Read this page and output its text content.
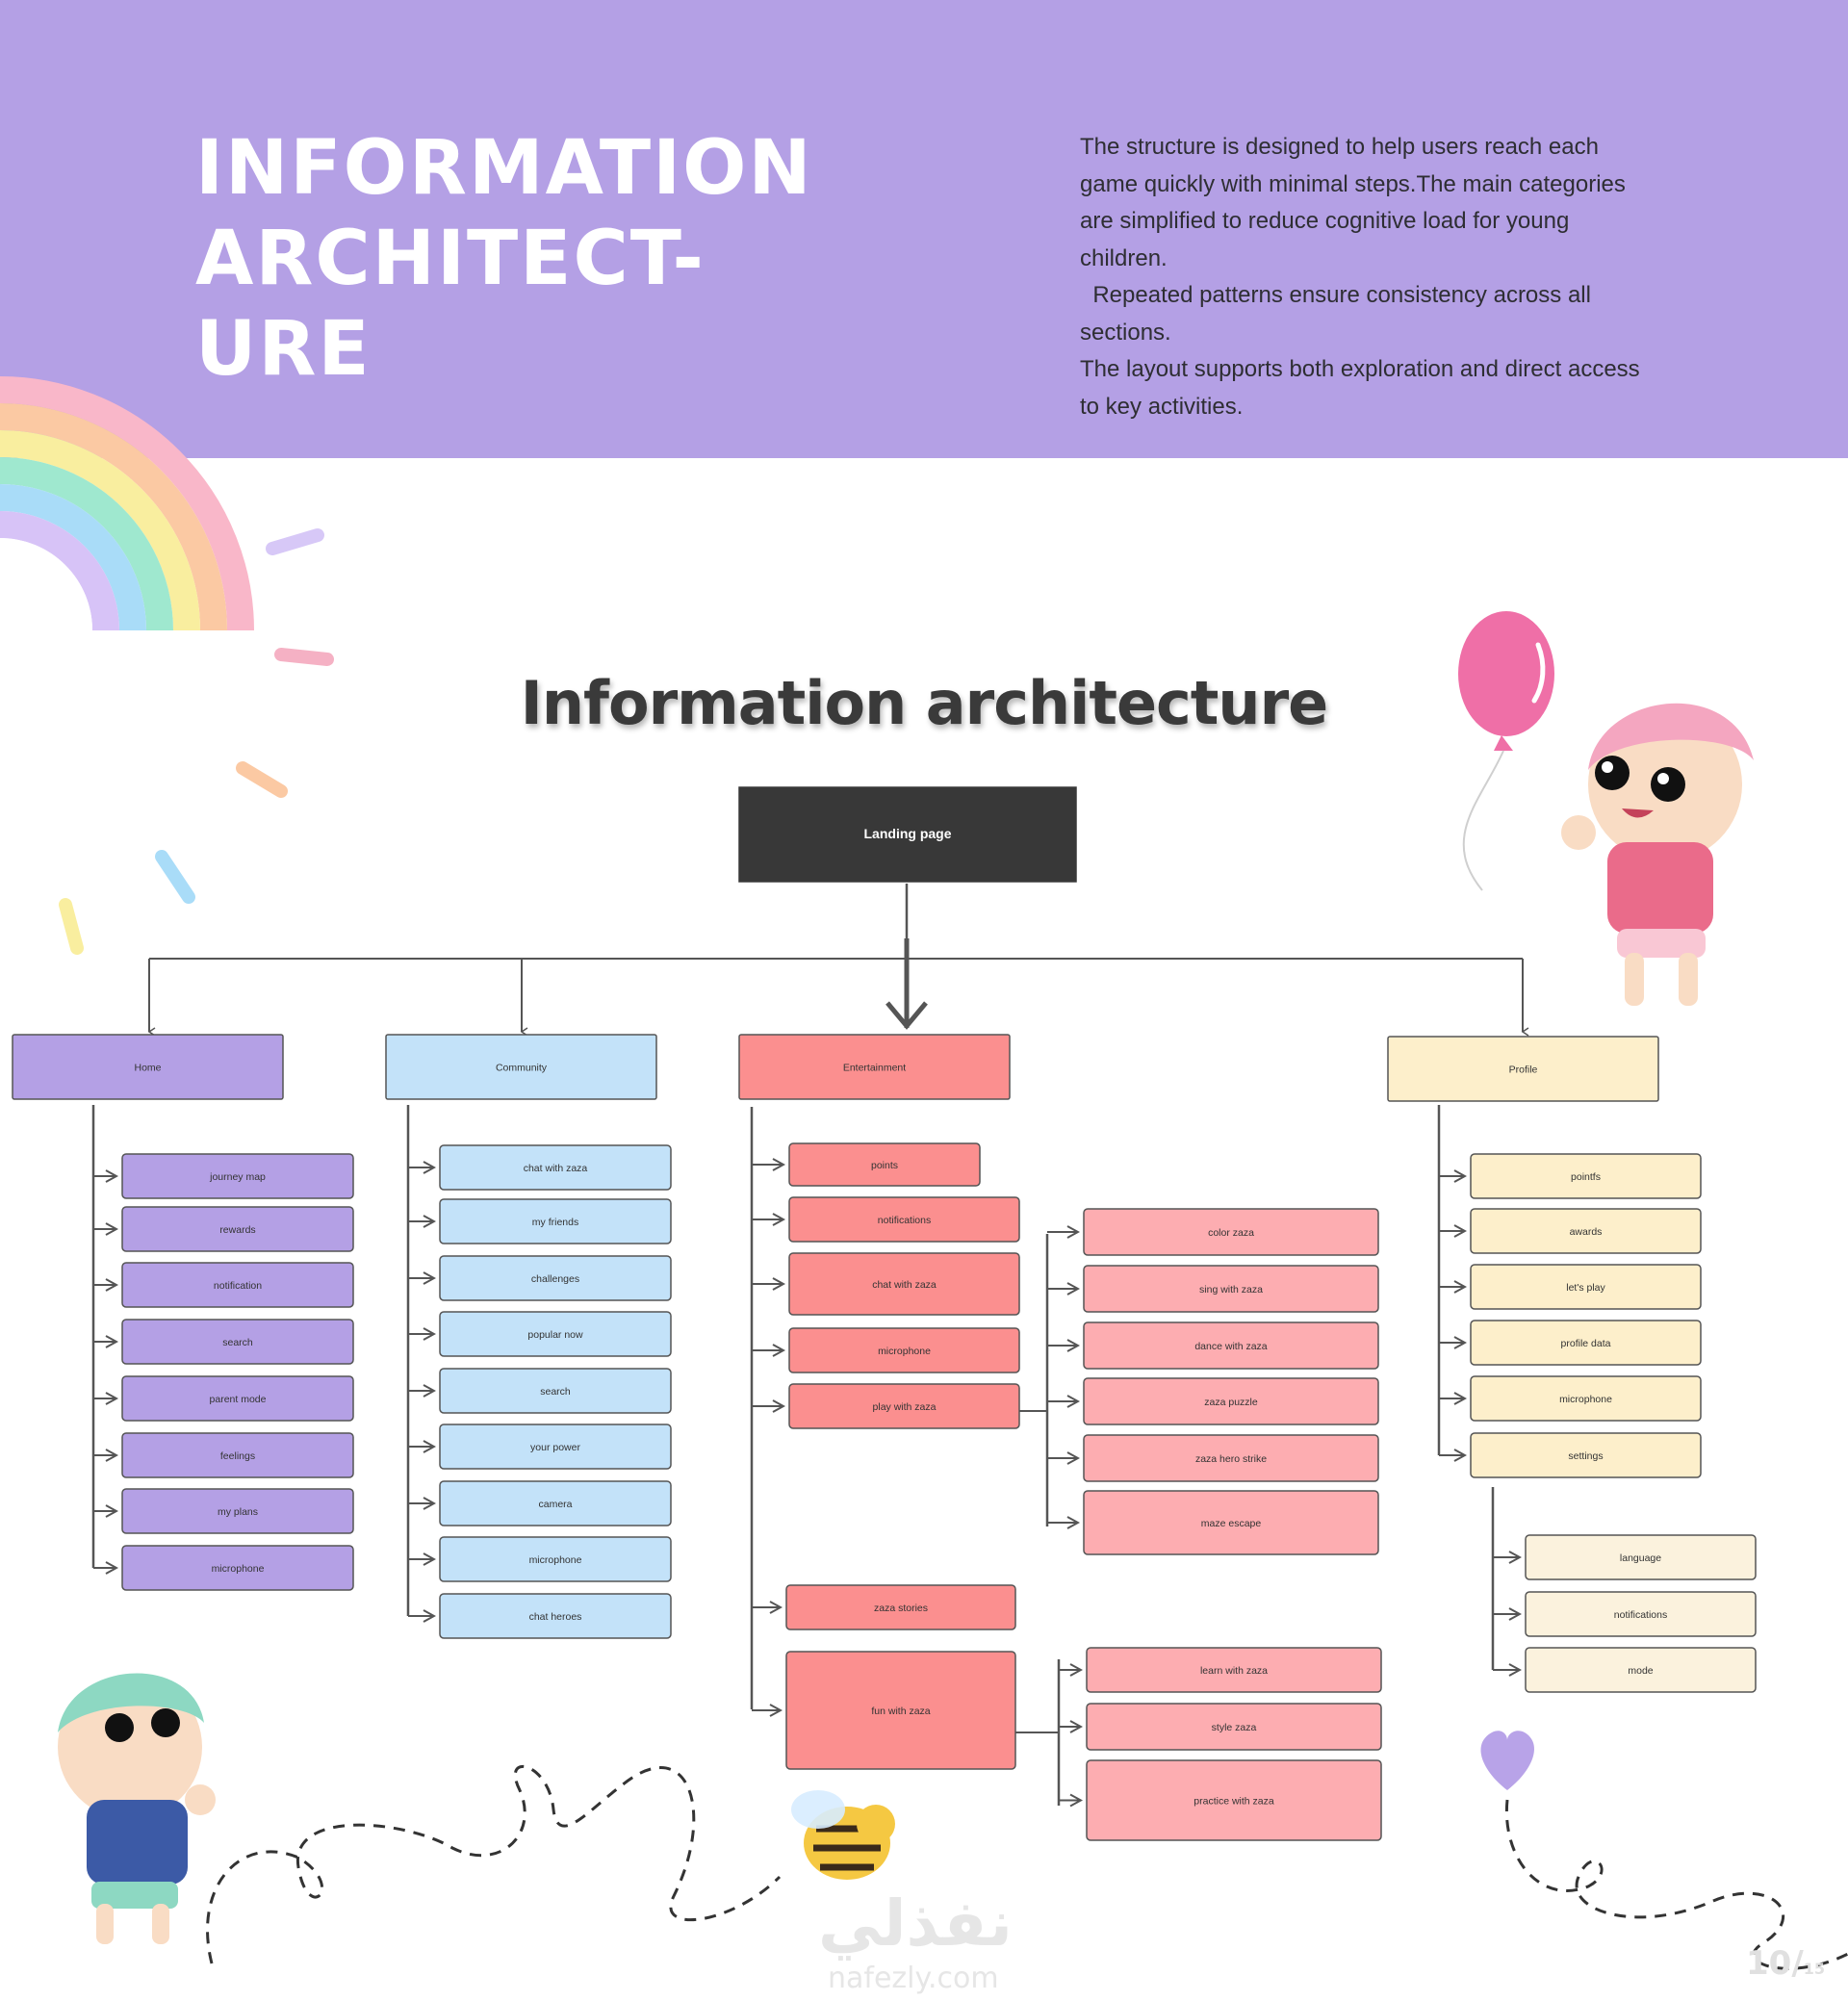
INFORMATION
ARCHITECT-
URE
The structure is designed to help users reach each
game quickly with minimal steps.The main categories
are simplified to reduce cognitive load for young
children.
Repeated patterns ensure consistency across all
sections.
The layout supports both exploration and direct access
to key activities.
Information architecture
Landing page
Home	Community	Entertainment	Profile
journey map
rewards
notification
search
parent mode
feelings
my plans
microphone
chat with zaza
my friends
challenges
popular now
search
your power
camera
microphone
chat heroes
points
notifications
chat with zaza
microphone
play with zaza
zaza stories
fun with zaza
color zaza
sing with zaza
dance with zaza
zaza puzzle
zaza hero strike
maze escape
learn with zaza
style zaza
practice with zaza
pointfs
awards
let's play
profile data
microphone
settings
language
notifications
mode
نفذلي
nafezly.com	10/15
